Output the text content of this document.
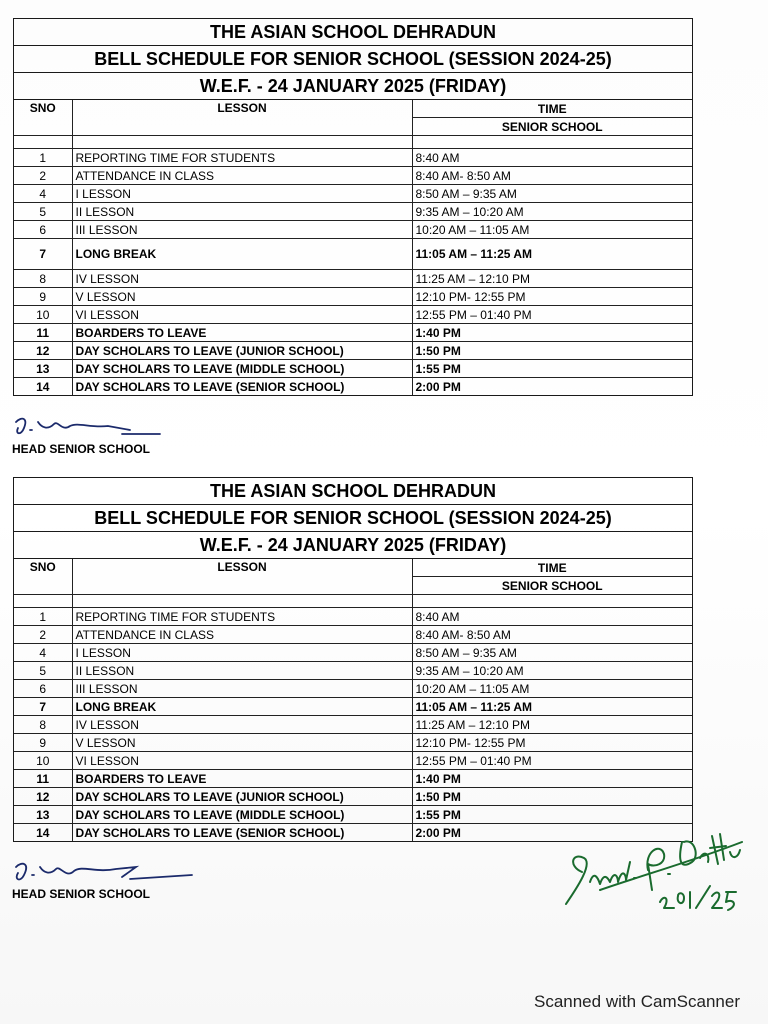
THE ASIAN SCHOOL DEHRADUN
BELL SCHEDULE FOR SENIOR SCHOOL (SESSION 2024-25)
W.E.F. - 24 JANUARY 2025 (FRIDAY)
SNO	LESSON	TIME
		SENIOR SCHOOL

1	REPORTING TIME FOR STUDENTS	8:40 AM
2	ATTENDANCE IN CLASS	8:40 AM- 8:50 AM
4	I LESSON	8:50 AM – 9:35 AM
5	II LESSON	9:35 AM – 10:20 AM
6	III LESSON	10:20 AM – 11:05 AM
7	LONG BREAK	11:05 AM – 11:25 AM
8	IV LESSON	11:25 AM – 12:10 PM
9	V LESSON	12:10 PM- 12:55 PM
10	VI LESSON	12:55 PM – 01:40 PM
11	BOARDERS TO LEAVE	1:40 PM
12	DAY SCHOLARS TO LEAVE (JUNIOR SCHOOL)	1:50 PM
13	DAY SCHOLARS TO LEAVE (MIDDLE SCHOOL)	1:55 PM
14	DAY SCHOLARS TO LEAVE (SENIOR SCHOOL)	2:00 PM
HEAD SENIOR SCHOOL
THE ASIAN SCHOOL DEHRADUN
BELL SCHEDULE FOR SENIOR SCHOOL (SESSION 2024-25)
W.E.F. - 24 JANUARY 2025 (FRIDAY)
SNO	LESSON	TIME
		SENIOR SCHOOL

1	REPORTING TIME FOR STUDENTS	8:40 AM
2	ATTENDANCE IN CLASS	8:40 AM- 8:50 AM
4	I LESSON	8:50 AM – 9:35 AM
5	II LESSON	9:35 AM – 10:20 AM
6	III LESSON	10:20 AM – 11:05 AM
7	LONG BREAK	11:05 AM – 11:25 AM
8	IV LESSON	11:25 AM – 12:10 PM
9	V LESSON	12:10 PM- 12:55 PM
10	VI LESSON	12:55 PM – 01:40 PM
11	BOARDERS TO LEAVE	1:40 PM
12	DAY SCHOLARS TO LEAVE (JUNIOR SCHOOL)	1:50 PM
13	DAY SCHOLARS TO LEAVE (MIDDLE SCHOOL)	1:55 PM
14	DAY SCHOLARS TO LEAVE (SENIOR SCHOOL)	2:00 PM
HEAD SENIOR SCHOOL
Scanned with CamScanner
